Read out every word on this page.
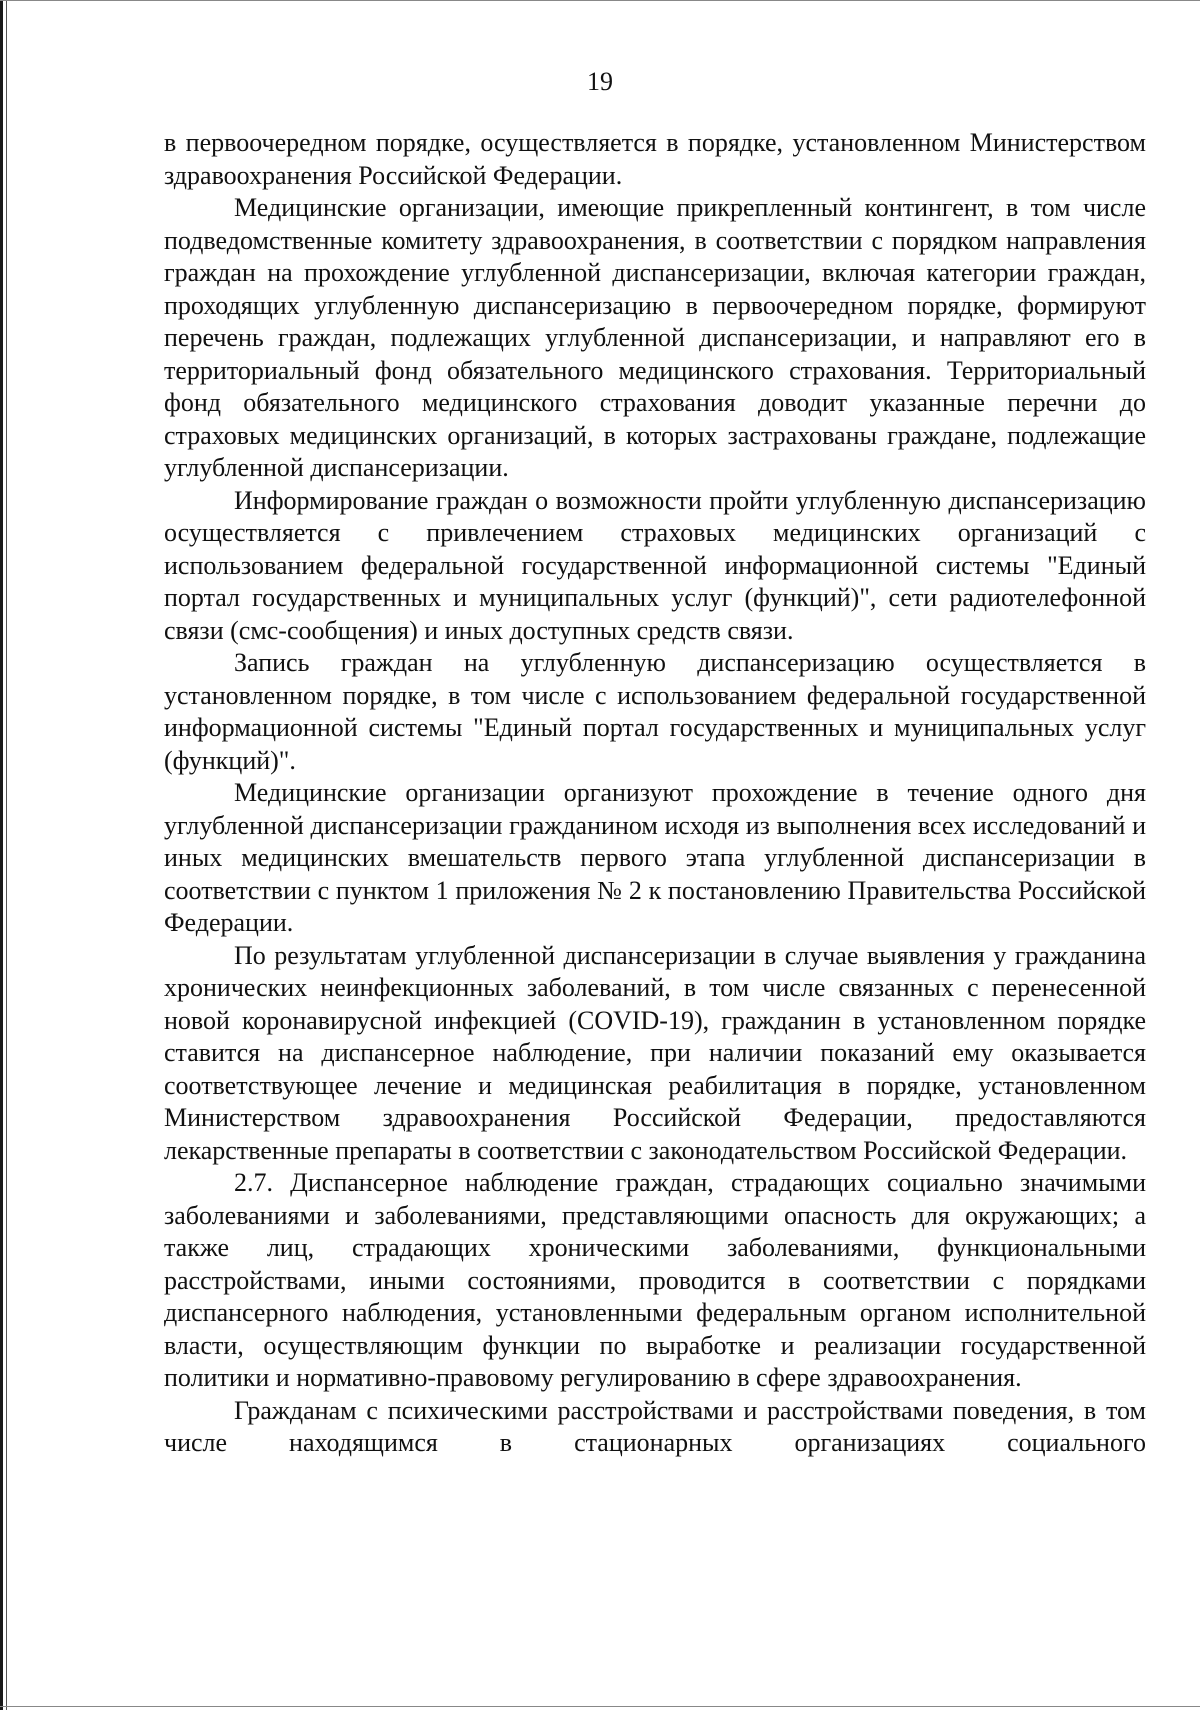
19

в первоочередном порядке, осуществляется в порядке, установленном Министерством здравоохранения Российской Федерации.

Медицинские организации, имеющие прикрепленный контингент, в том числе подведомственные комитету здравоохранения, в соответствии с порядком направления граждан на прохождение углубленной диспансеризации, включая категории граждан, проходящих углубленную диспансеризацию в первоочередном порядке, формируют перечень граждан, подлежащих углубленной диспансеризации, и направляют его в территориальный фонд обязательного медицинского страхования. Территориальный фонд обязательного медицинского страхования доводит указанные перечни до страховых медицинских организаций, в которых застрахованы граждане, подлежащие углубленной диспансеризации.

Информирование граждан о возможности пройти углубленную диспансеризацию осуществляется с привлечением страховых медицинских организаций с использованием федеральной государственной информационной системы "Единый портал государственных и муниципальных услуг (функций)", сети радиотелефонной связи (смс-сообщения) и иных доступных средств связи.

Запись граждан на углубленную диспансеризацию осуществляется в установленном порядке, в том числе с использованием федеральной государственной информационной системы "Единый портал государственных и муниципальных услуг (функций)".

Медицинские организации организуют прохождение в течение одного дня углубленной диспансеризации гражданином исходя из выполнения всех исследований и иных медицинских вмешательств первого этапа углубленной диспансеризации в соответствии с пунктом 1 приложения № 2 к постановлению Правительства Российской Федерации.

По результатам углубленной диспансеризации в случае выявления у гражданина хронических неинфекционных заболеваний, в том числе связанных с перенесенной новой коронавирусной инфекцией (COVID-19), гражданин в установленном порядке ставится на диспансерное наблюдение, при наличии показаний ему оказывается соответствующее лечение и медицинская реабилитация в порядке, установленном Министерством здравоохранения Российской Федерации, предоставляются лекарственные препараты в соответствии с законодательством Российской Федерации.

2.7. Диспансерное наблюдение граждан, страдающих социально значимыми заболеваниями и заболеваниями, представляющими опасность для окружающих; а также лиц, страдающих хроническими заболеваниями, функциональными расстройствами, иными состояниями, проводится в соответствии с порядками диспансерного наблюдения, установленными федеральным органом исполнительной власти, осуществляющим функции по выработке и реализации государственной политики и нормативно-правовому регулированию в сфере здравоохранения.

Гражданам с психическими расстройствами и расстройствами поведения, в том числе находящимся в стационарных организациях социального
